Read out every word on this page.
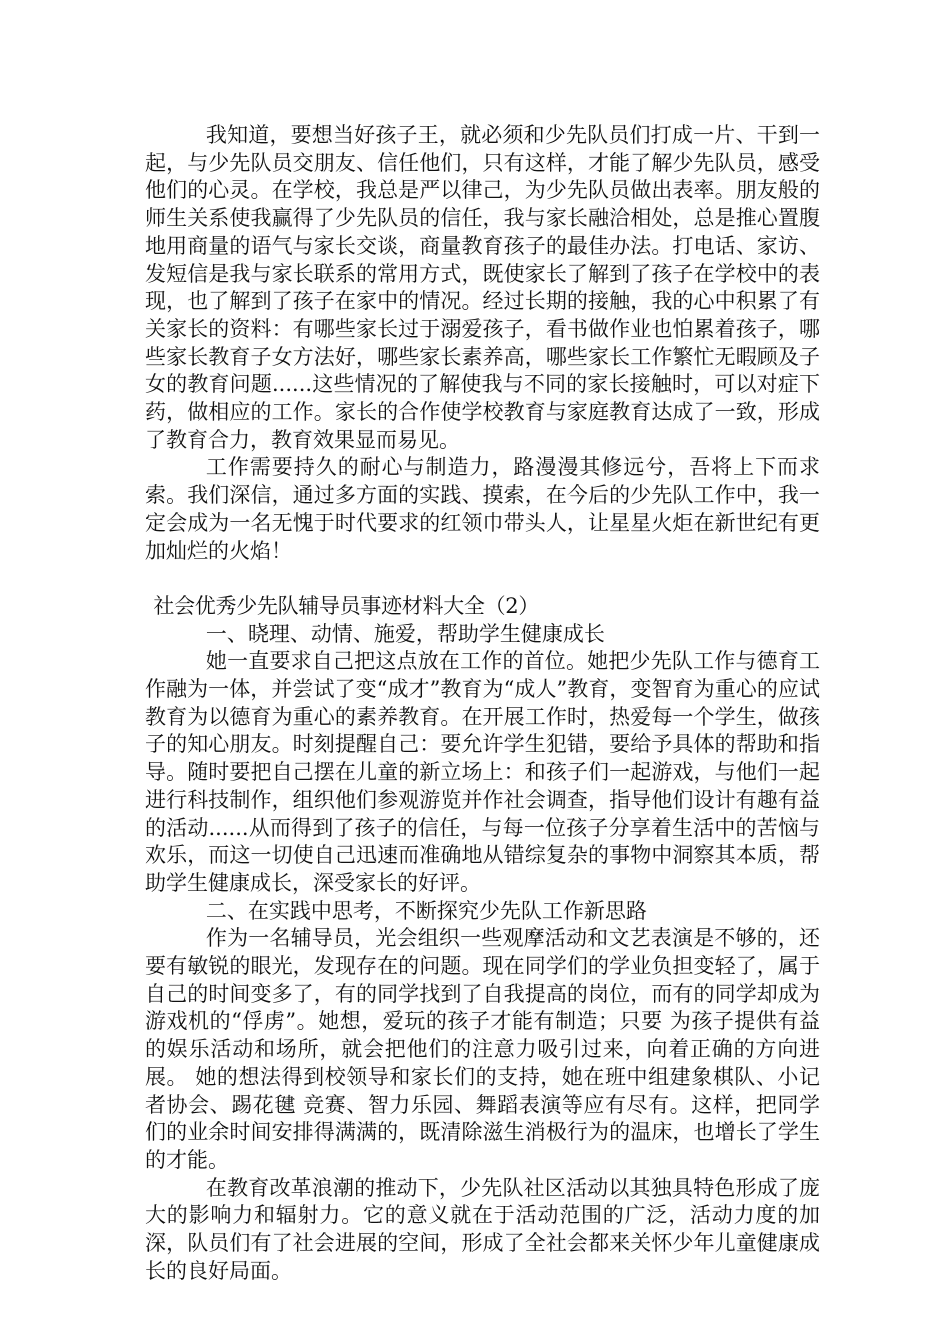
我知道，要想当好孩子王，就必须和少先队员们打成一片、干到一起，与少先队员交朋友、信任他们，只有这样，才能了解少先队员，感受他们的心灵。在学校，我总是严以律己，为少先队员做出表率。朋友般的师生关系使我赢得了少先队员的信任，我与家长融洽相处，总是推心置腹地用商量的语气与家长交谈，商量教育孩子的最佳办法。打电话、家访、发短信是我与家长联系的常用方式，既使家长了解到了孩子在学校中的表现，也了解到了孩子在家中的情况。经过长期的接触，我的心中积累了有关家长的资料：有哪些家长过于溺爱孩子，看书做作业也怕累着孩子，哪些家长教育子女方法好，哪些家长素养高，哪些家长工作繁忙无暇顾及子女的教育问题......这些情况的了解使我与不同的家长接触时，可以对症下药，做相应的工作。家长的合作使学校教育与家庭教育达成了一致，形成了教育合力，教育效果显而易见。

工作需要持久的耐心与制造力，路漫漫其修远兮，吾将上下而求索。我们深信，通过多方面的实践、摸索，在今后的少先队工作中，我一定会成为一名无愧于时代要求的红领巾带头人，让星星火炬在新世纪有更加灿烂的火焰！

社会优秀少先队辅导员事迹材料大全（2）

一、晓理、动情、施爱，帮助学生健康成长

她一直要求自己把这点放在工作的首位。她把少先队工作与德育工作融为一体，并尝试了变“成才”教育为“成人”教育，变智育为重心的应试教育为以德育为重心的素养教育。在开展工作时，热爱每一个学生，做孩子的知心朋友。时刻提醒自己：要允许学生犯错，要给予具体的帮助和指导。随时要把自己摆在儿童的新立场上：和孩子们一起游戏，与他们一起进行科技制作，组织他们参观游览并作社会调查，指导他们设计有趣有益的活动......从而得到了孩子的信任，与每一位孩子分享着生活中的苦恼与欢乐，而这一切使自己迅速而准确地从错综复杂的事物中洞察其本质，帮助学生健康成长，深受家长的好评。

二、在实践中思考，不断探究少先队工作新思路

作为一名辅导员，光会组织一些观摩活动和文艺表演是不够的，还要有敏锐的眼光，发现存在的问题。现在同学们的学业负担变轻了，属于自己的时间变多了，有的同学找到了自我提高的岗位，而有的同学却成为游戏机的“俘虏”。她想，爱玩的孩子才能有制造；只要 为孩子提供有益的娱乐活动和场所，就会把他们的注意力吸引过来，向着正确的方向进展。 她的想法得到校领导和家长们的支持，她在班中组建象棋队、小记者协会、踢花毽 竞赛、智力乐园、舞蹈表演等应有尽有。这样，把同学们的业余时间安排得满满的，既清除滋生消极行为的温床，也增长了学生的才能。

在教育改革浪潮的推动下，少先队社区活动以其独具特色形成了庞大的影响力和辐射力。它的意义就在于活动范围的广泛，活动力度的加深，队员们有了社会进展的空间，形成了全社会都来关怀少年儿童健康成长的良好局面。
